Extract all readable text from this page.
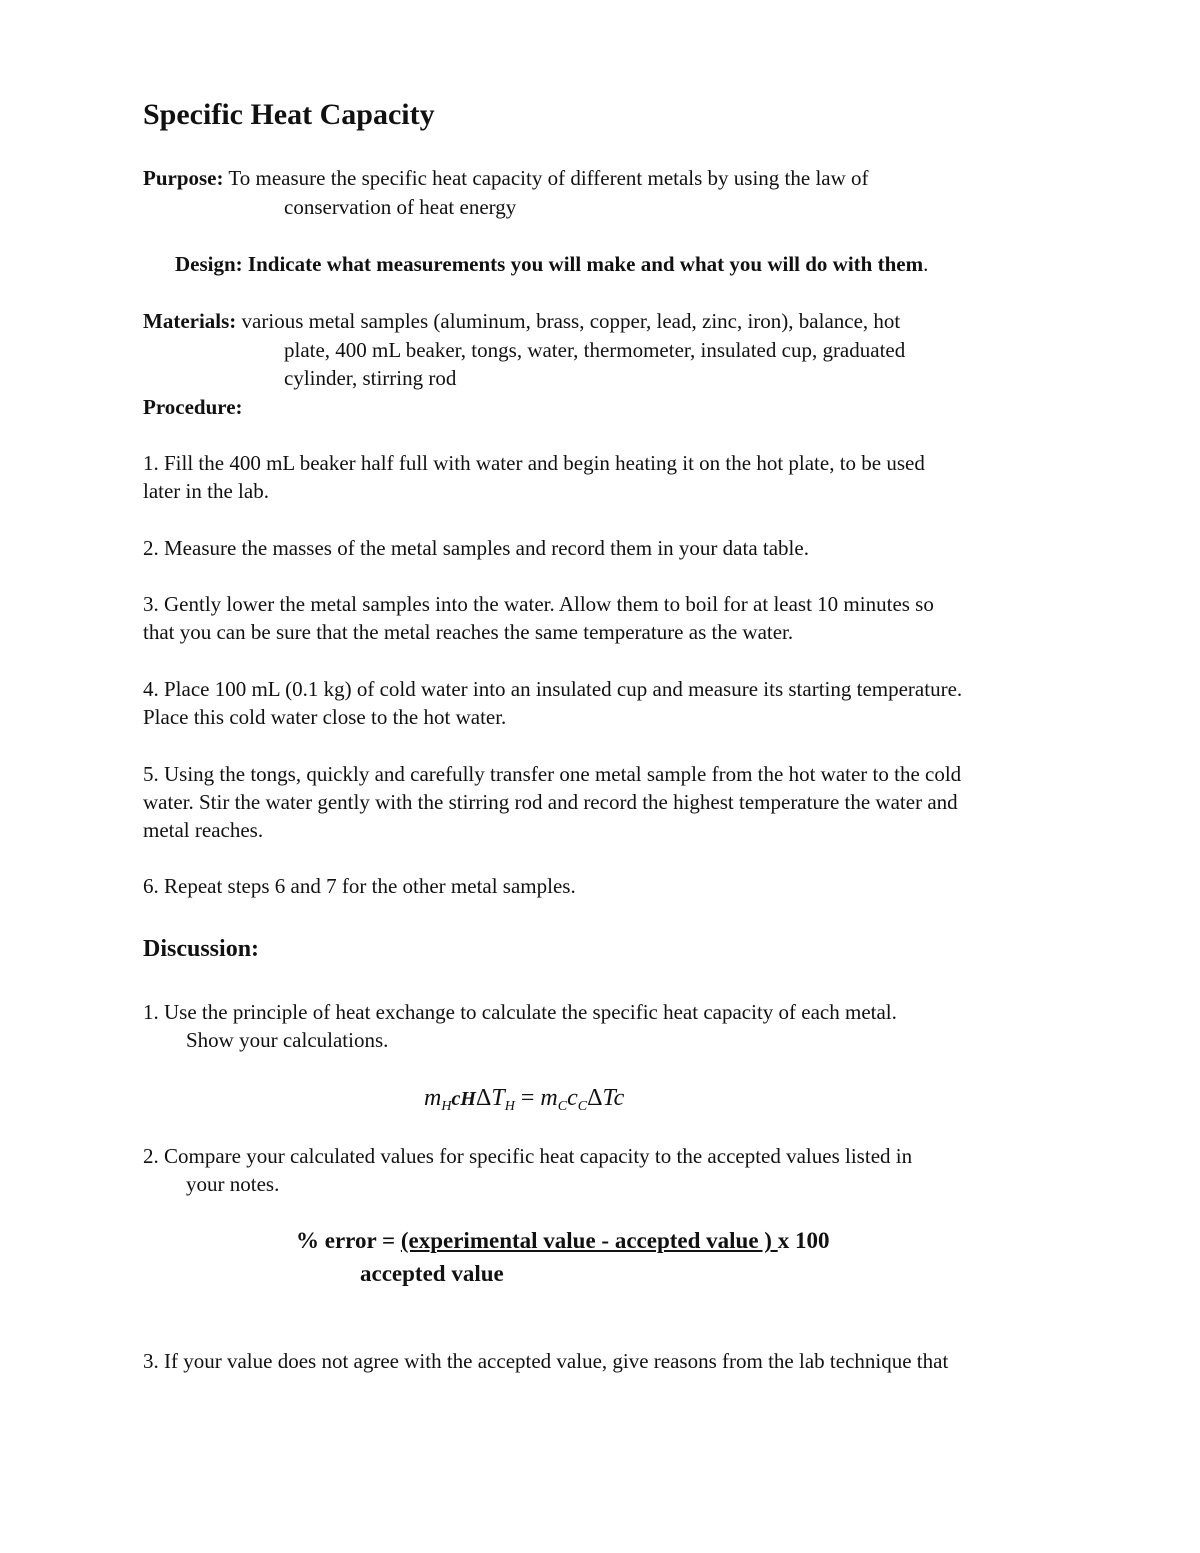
Specific Heat Capacity
Purpose: To measure the specific heat capacity of different metals by using the law of
conservation of heat energy
Design: Indicate what measurements you will make and what you will do with them.
Materials: various metal samples (aluminum, brass, copper, lead, zinc, iron), balance, hot
plate, 400 mL beaker, tongs, water, thermometer, insulated cup, graduated
cylinder, stirring rod
Procedure:
1. Fill the 400 mL beaker half full with water and begin heating it on the hot plate, to be used
later in the lab.
2. Measure the masses of the metal samples and record them in your data table.
3. Gently lower the metal samples into the water. Allow them to boil for at least 10 minutes so
that you can be sure that the metal reaches the same temperature as the water.
4. Place 100 mL (0.1 kg) of cold water into an insulated cup and measure its starting temperature.
Place this cold water close to the hot water.
5. Using the tongs, quickly and carefully transfer one metal sample from the hot water to the cold
water. Stir the water gently with the stirring rod and record the highest temperature the water and
metal reaches.
6. Repeat steps 6 and 7 for the other metal samples.
Discussion:
1. Use the principle of heat exchange to calculate the specific heat capacity of each metal.
Show your calculations.
$m_HcH\Delta T_H = m_Cc_C\Delta Tc$
2. Compare your calculated values for specific heat capacity to the accepted values listed in
your notes.
% error = (experimental value - accepted value ) x 100
accepted value
3. If your value does not agree with the accepted value, give reasons from the lab technique that
